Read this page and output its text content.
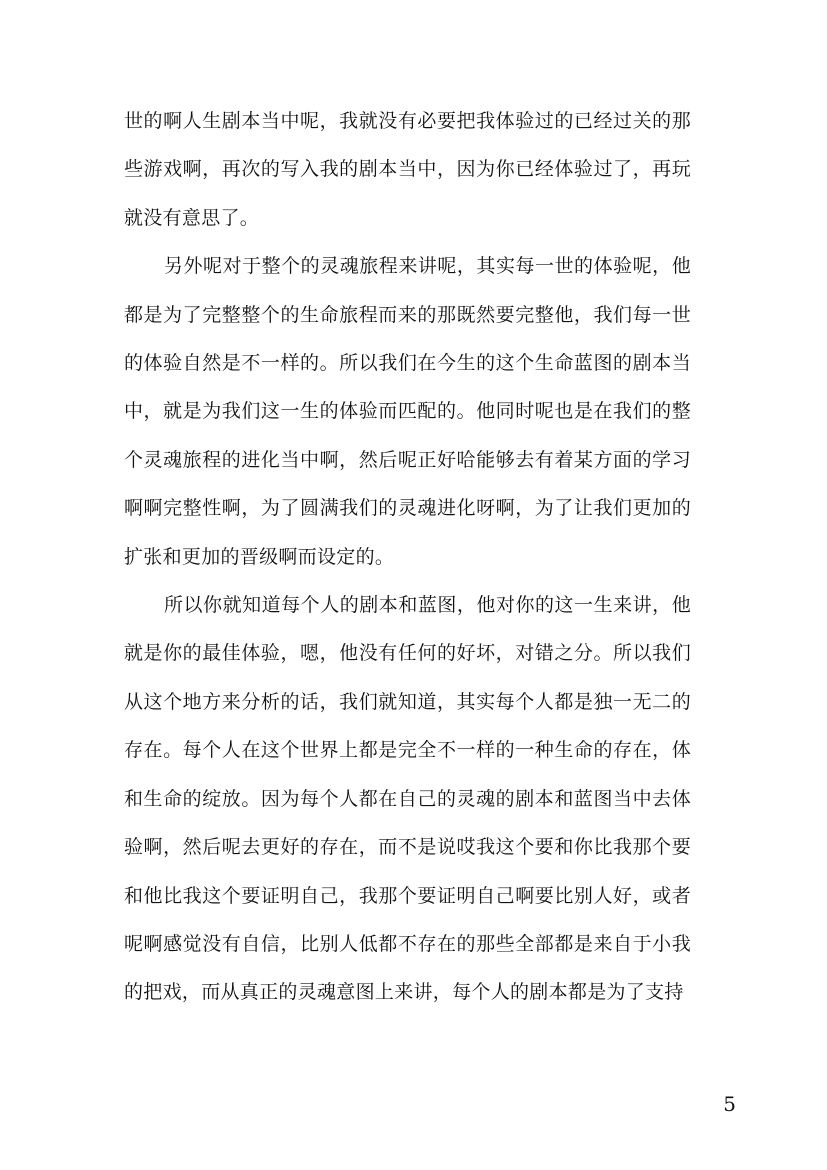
世的啊人生剧本当中呢，我就没有必要把我体验过的已经过关的那些游戏啊，再次的写入我的剧本当中，因为你已经体验过了，再玩就没有意思了。

另外呢对于整个的灵魂旅程来讲呢，其实每一世的体验呢，他都是为了完整整个的生命旅程而来的那既然要完整他，我们每一世的体验自然是不一样的。所以我们在今生的这个生命蓝图的剧本当中，就是为我们这一生的体验而匹配的。他同时呢也是在我们的整个灵魂旅程的进化当中啊，然后呢正好哈能够去有着某方面的学习啊啊完整性啊，为了圆满我们的灵魂进化呀啊，为了让我们更加的扩张和更加的晋级啊而设定的。

所以你就知道每个人的剧本和蓝图，他对你的这一生来讲，他就是你的最佳体验，嗯，他没有任何的好坏，对错之分。所以我们从这个地方来分析的话，我们就知道，其实每个人都是独一无二的存在。每个人在这个世界上都是完全不一样的一种生命的存在，体和生命的绽放。因为每个人都在自己的灵魂的剧本和蓝图当中去体验啊，然后呢去更好的存在，而不是说哎我这个要和你比我那个要和他比我这个要证明自己，我那个要证明自己啊要比别人好，或者呢啊感觉没有自信，比别人低都不存在的那些全部都是来自于小我的把戏，而从真正的灵魂意图上来讲，每个人的剧本都是为了支持

5
